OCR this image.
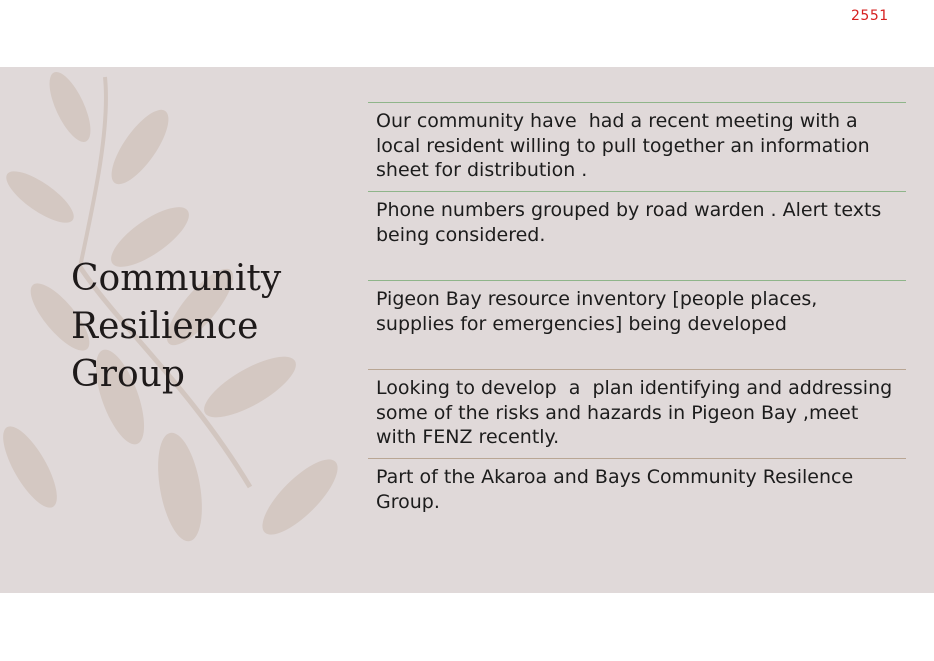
2551
Community
Resilience
Group
Our community have  had a recent meeting with a local resident willing to pull together an information sheet for distribution .
Phone numbers grouped by road warden . Alert texts being considered.
Pigeon Bay resource inventory [people places, supplies for emergencies] being developed
Looking to develop  a  plan identifying and addressing  some of the risks and hazards in Pigeon Bay ,meet with FENZ recently.
Part of the Akaroa and Bays Community Resilence Group.
